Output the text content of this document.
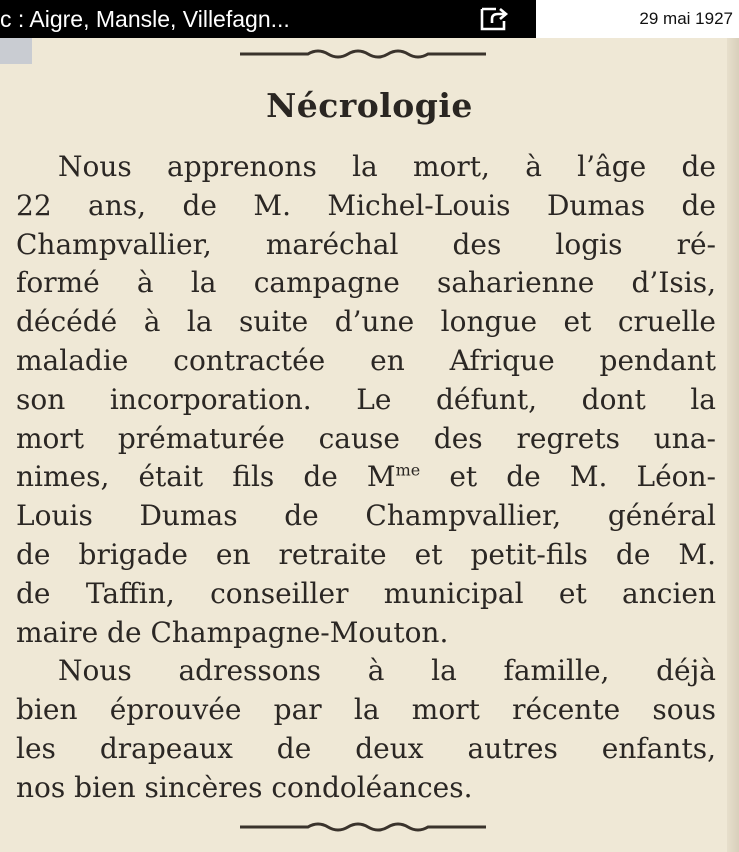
c : Aigre, Mansle, Villefagn...	29 mai 1927
Nécrologie
Nous apprenons la mort, à l’âge de
22 ans, de M. Michel-Louis Dumas de
Champvallier, maréchal des logis ré-
formé à la campagne saharienne d’Isis,
décédé à la suite d’une longue et cruelle
maladie contractée en Afrique pendant
son incorporation. Le défunt, dont la
mort prématurée cause des regrets una-
nimes, était fils de $M^{me}$ et de M. Léon-
Louis Dumas de Champvallier, général
de brigade en retraite et petit-fils de M.
de Taffin, conseiller municipal et ancien
maire de Champagne-Mouton.
Nous adressons à la famille, déjà
bien éprouvée par la mort récente sous
les drapeaux de deux autres enfants,
nos bien sincères condoléances.
